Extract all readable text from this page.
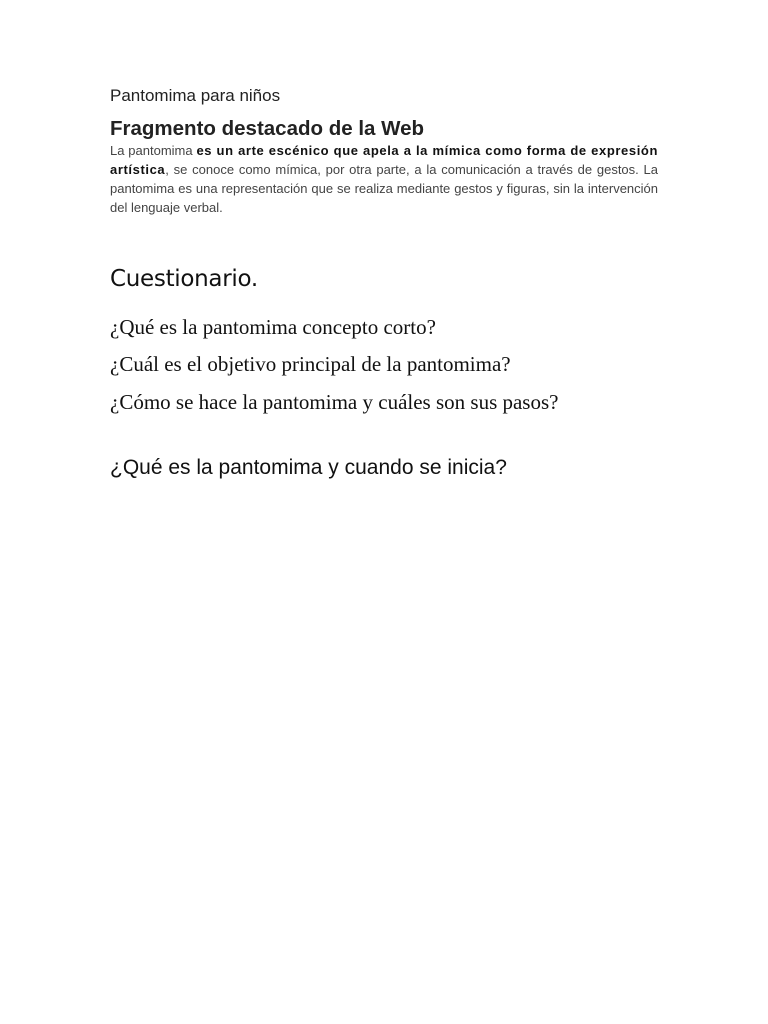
Pantomima para niños
Fragmento destacado de la Web

La pantomima es un arte escénico que apela a la mímica como forma de expresión artística, se conoce como mímica, por otra parte, a la comunicación a través de gestos. La pantomima es una representación que se realiza mediante gestos y figuras, sin la intervención del lenguaje verbal.

Cuestionario.
¿Qué es la pantomima concepto corto?
¿Cuál es el objetivo principal de la pantomima?
¿Cómo se hace la pantomima y cuáles son sus pasos?
¿Qué es la pantomima y cuando se inicia?
